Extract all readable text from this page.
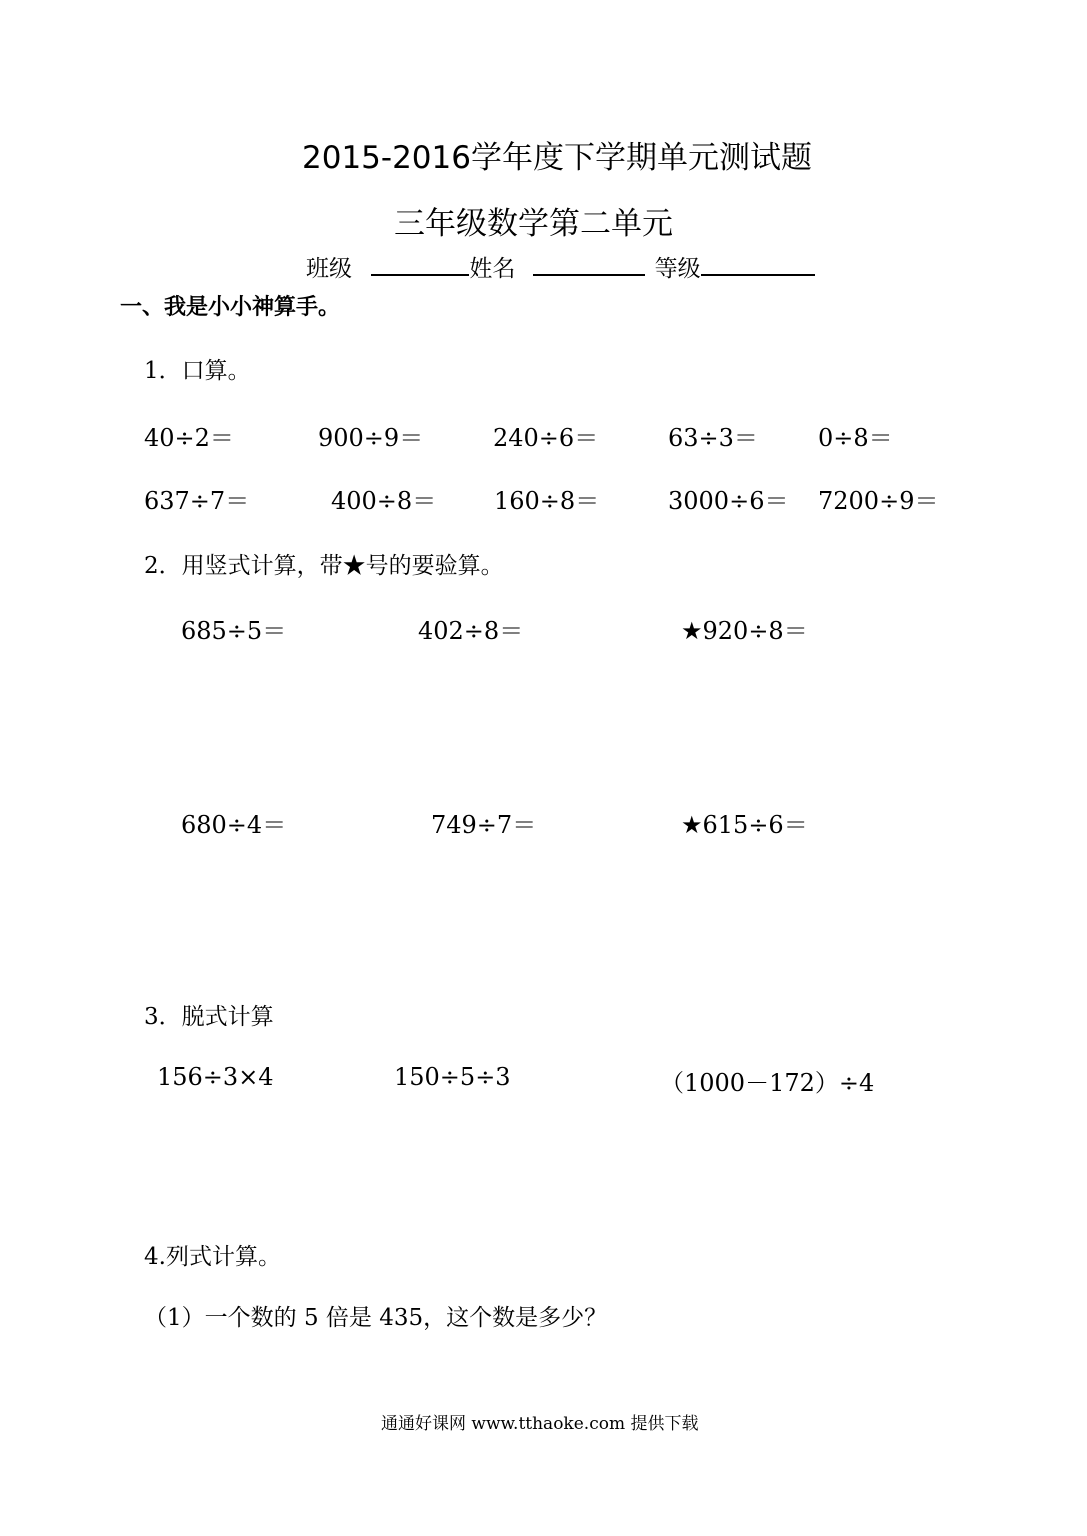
2015-2016学年度下学期单元测试题
三年级数学第二单元
班级	姓名	等级
一、我是小小神算手。
1．口算。
40÷2＝	900÷9＝	240÷6＝	63÷3＝	0÷8＝
637÷7＝	400÷8＝ 160÷8＝	3000÷6＝ 7200÷9＝
2．用竖式计算，带★号的要验算。
685÷5＝	402÷8＝	★920÷8＝
680÷4＝	749÷7＝	★615÷6＝
3．脱式计算
156÷3×4	150÷5÷3	（1000－172）÷4
4.列式计算。
（1）一个数的 5 倍是 435，这个数是多少？
通通好课网 www.tthaoke.com 提供下载
